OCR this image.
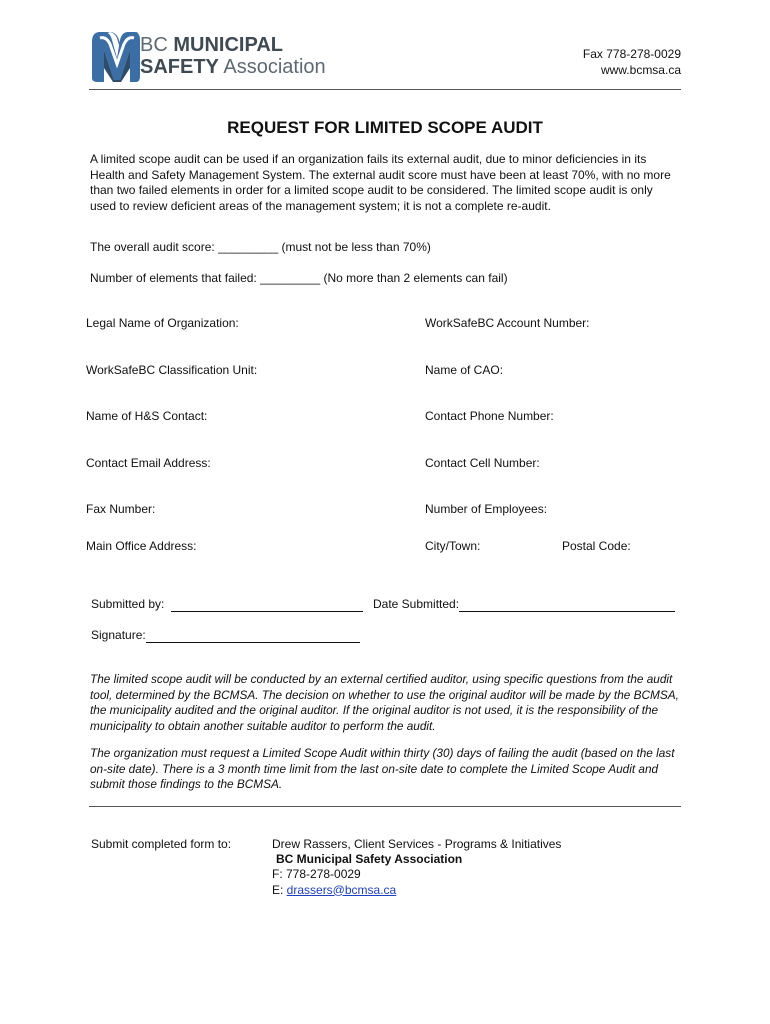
BC MUNICIPAL
SAFETY Association
Fax 778-278-0029
www.bcmsa.ca
REQUEST FOR LIMITED SCOPE AUDIT
A limited scope audit can be used if an organization fails its external audit, due to minor deficiencies in its Health and Safety Management System. The external audit score must have been at least 70%, with no more than two failed elements in order for a limited scope audit to be considered. The limited scope audit is only used to review deficient areas of the management system; it is not a complete re-audit.
The overall audit score: _________ (must not be less than 70%)
Number of elements that failed: _________ (No more than 2 elements can fail)
Legal Name of Organization:	WorkSafeBC Account Number:
WorkSafeBC Classification Unit:	Name of CAO:
Name of H&S Contact:	Contact Phone Number:
Contact Email Address:	Contact Cell Number:
Fax Number:	Number of Employees:
Main Office Address:	City/Town:	Postal Code:
Submitted by:	Date Submitted:
Signature:
The limited scope audit will be conducted by an external certified auditor, using specific questions from the audit tool, determined by the BCMSA. The decision on whether to use the original auditor will be made by the BCMSA, the municipality audited and the original auditor. If the original auditor is not used, it is the responsibility of the municipality to obtain another suitable auditor to perform the audit.
The organization must request a Limited Scope Audit within thirty (30) days of failing the audit (based on the last on-site date). There is a 3 month time limit from the last on-site date to complete the Limited Scope Audit and submit those findings to the BCMSA.
Submit completed form to:	Drew Rassers, Client Services - Programs & Initiatives
BC Municipal Safety Association
F: 778-278-0029
E: drassers@bcmsa.ca
